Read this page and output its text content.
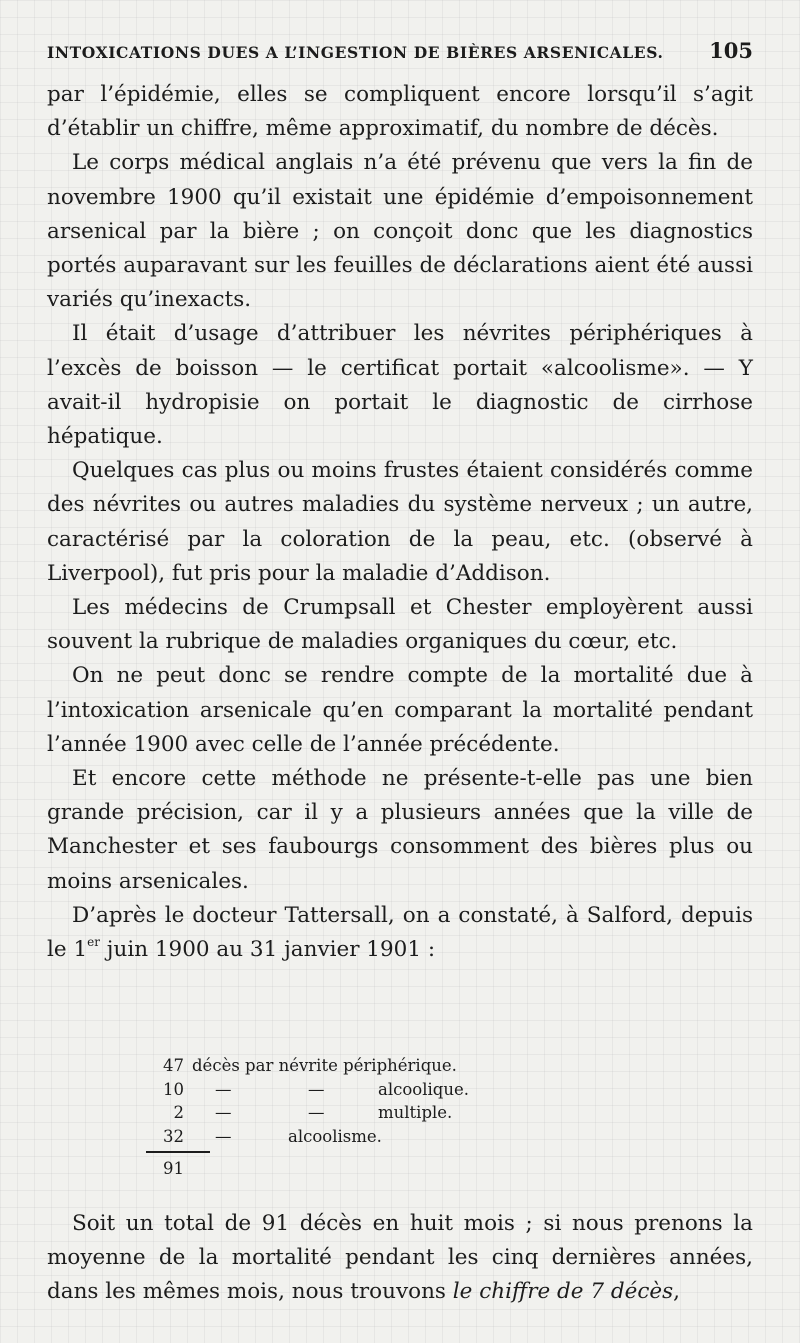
INTOXICATIONS DUES A L’INGESTION DE BIÈRES ARSENICALES. 105

par l’épidémie, elles se compliquent encore lorsqu’il s’agit d’établir un chiffre, même approximatif, du nombre de décès.

Le corps médical anglais n’a été prévenu que vers la fin de novembre 1900 qu’il existait une épidémie d’empoisonnement arsenical par la bière ; on conçoit donc que les diagnostics portés auparavant sur les feuilles de déclarations aient été aussi variés qu’inexacts.

Il était d’usage d’attribuer les névrites périphériques à l’excès de boisson — le certificat portait «alcoolisme». — Y avait-il hydropisie on portait le diagnostic de cirrhose hépatique.

Quelques cas plus ou moins frustes étaient considérés comme des névrites ou autres maladies du système nerveux ; un autre, caractérisé par la coloration de la peau, etc. (observé à Liverpool), fut pris pour la maladie d’Addison.

Les médecins de Crumpsall et Chester employèrent aussi souvent la rubrique de maladies organiques du cœur, etc.

On ne peut donc se rendre compte de la mortalité due à l’intoxication arsenicale qu’en comparant la mortalité pendant l’année 1900 avec celle de l’année précédente.

Et encore cette méthode ne présente-t-elle pas une bien grande précision, car il y a plusieurs années que la ville de Manchester et ses faubourgs consomment des bières plus ou moins arsenicales.

D’après le docteur Tattersall, on a constaté, à Salford, depuis le 1er juin 1900 au 31 janvier 1901 :

47 décès par névrite périphérique.
10 —	—	alcoolique.
2 —	—	multiple.
32 —	alcoolisme.
91

Soit un total de 91 décès en huit mois ; si nous prenons la moyenne de la mortalité pendant les cinq dernières années, dans les mêmes mois, nous trouvons le chiffre de 7 décès,
